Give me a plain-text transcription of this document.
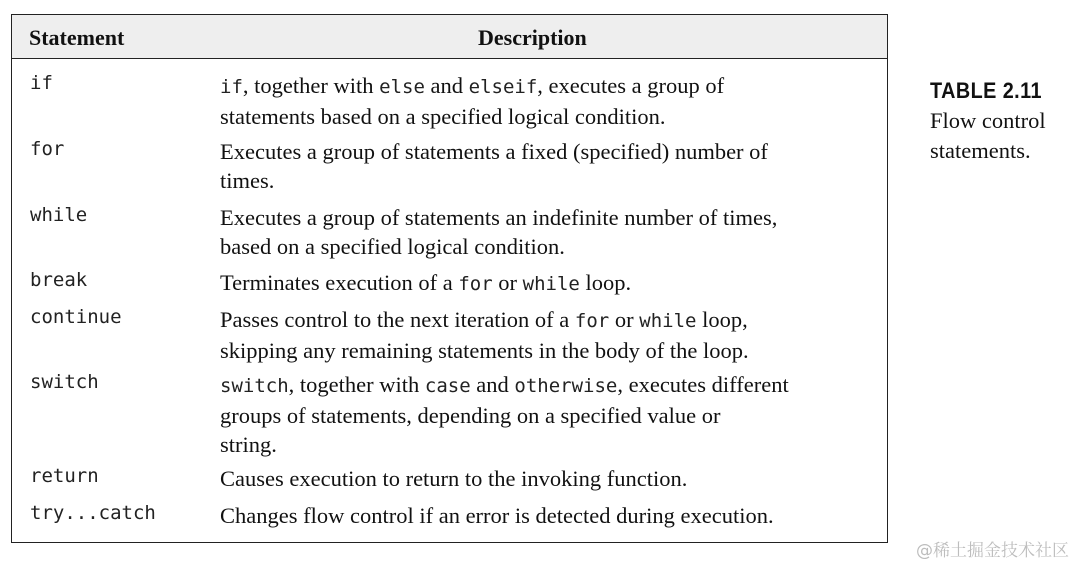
Statement	Description
if	if, together with else and elseif, executes a group of
statements based on a specified logical condition.
for	Executes a group of statements a fixed (specified) number of
times.
while	Executes a group of statements an indefinite number of times,
based on a specified logical condition.
break	Terminates execution of a for or while loop.
continue	Passes control to the next iteration of a for or while loop,
skipping any remaining statements in the body of the loop.
switch	switch, together with case and otherwise, executes different
groups of statements, depending on a specified value or
string.
return	Causes execution to return to the invoking function.
try...catch	Changes flow control if an error is detected during execution.
TABLE 2.11
Flow control
statements.
@稀土掘金技术社区
